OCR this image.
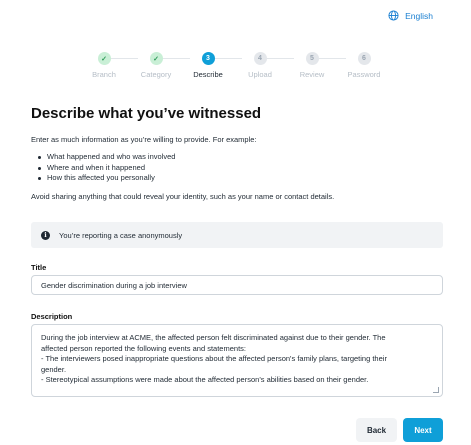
English
✓
Branch
✓
Category
3
Describe
4
Upload
5
Review
6
Password
Describe what you’ve witnessed

Enter as much information as you’re willing to provide. For example:

What happened and who was involved
Where and when it happened
How this affected you personally

Avoid sharing anything that could reveal your identity, such as your name or contact details.

i	You’re reporting a case anonymously
Title
Gender discrimination during a job interview
Description

During the job interview at ACME, the affected person felt discriminated against due to their gender. The

affected person reported the following events and statements:

- The interviewers posed inappropriate questions about the affected person's family plans, targeting their

gender.

- Stereotypical assumptions were made about the affected person's abilities based on their gender.

Back	Next
